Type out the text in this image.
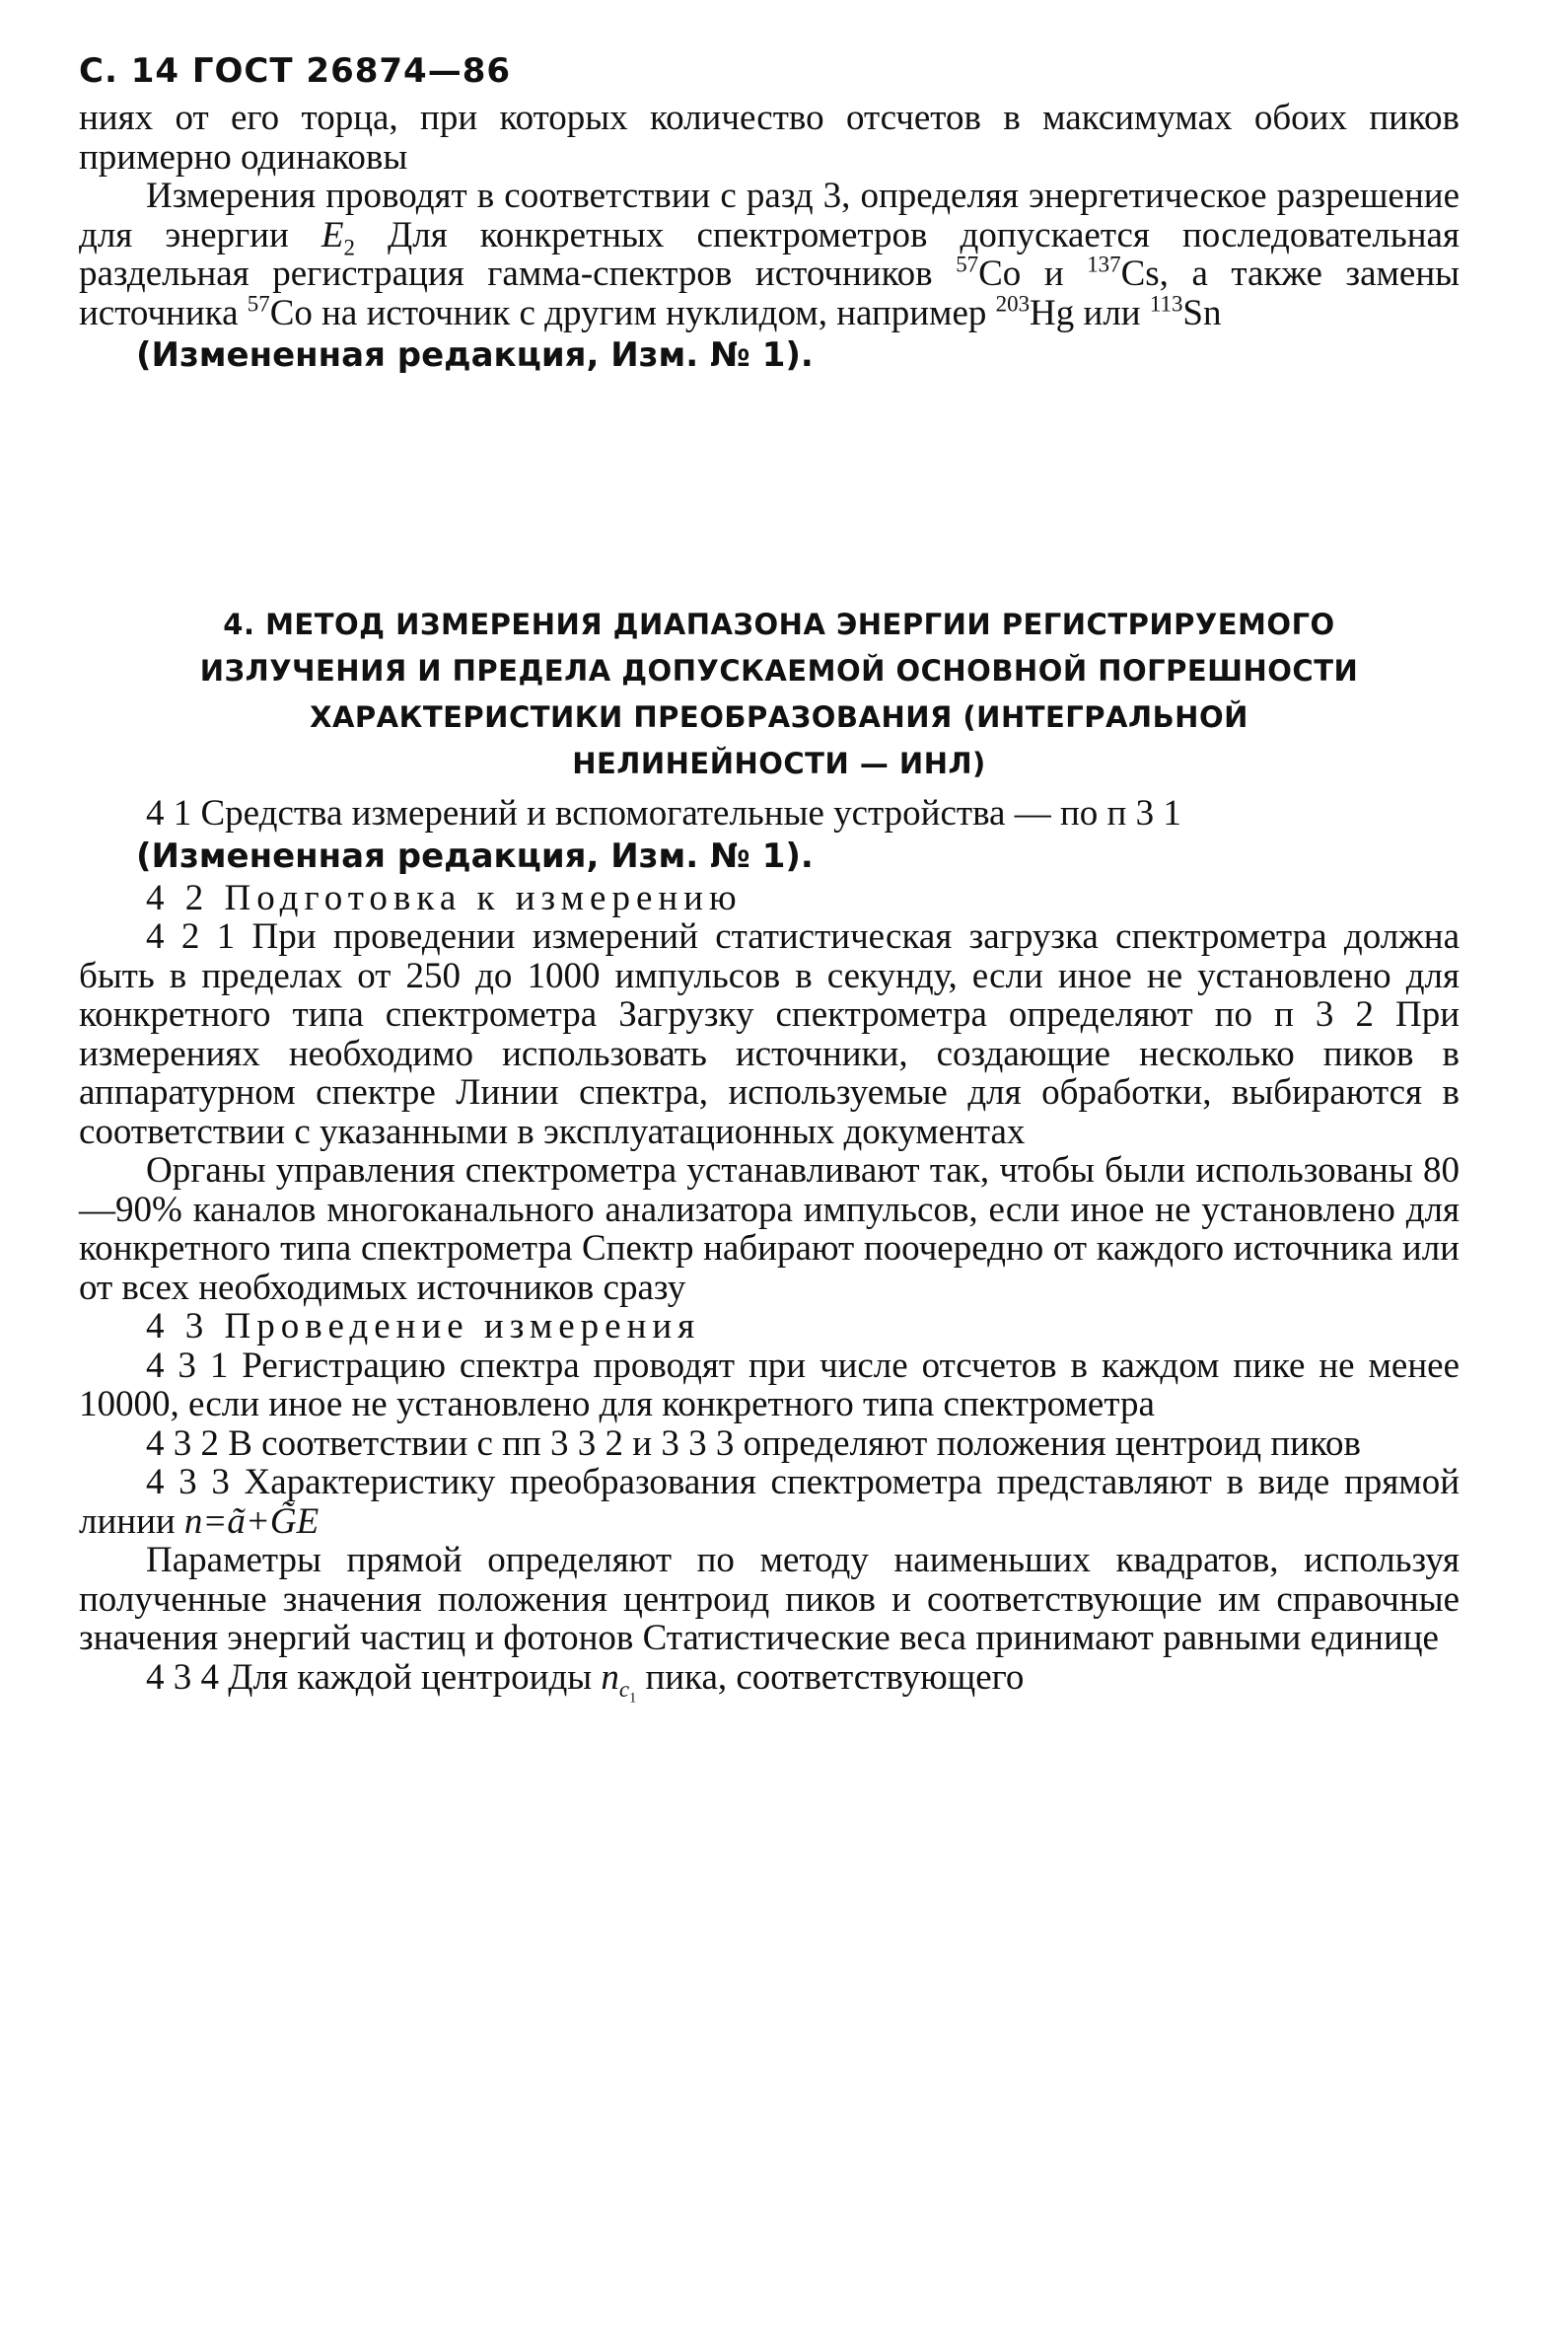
С. 14 ГОСТ 26874—86

ниях от его торца, при которых количество отсчетов в максимумах обоих пиков примерно одинаковы

Измерения проводят в соответствии с разд 3, определяя энергетическое разрешение для энергии $E_2$ Для конкретных спектрометров допускается последовательная раздельная регистрация гамма-спектров источников $^{57}$Co и $^{137}$Cs, а также замены источника $^{57}$Co на источник с другим нуклидом, например $^{203}$Hg или $^{113}$Sn

(Измененная редакция, Изм. № 1).

4. МЕТОД ИЗМЕРЕНИЯ ДИАПАЗОНА ЭНЕРГИИ РЕГИСТРИРУЕМОГО
ИЗЛУЧЕНИЯ И ПРЕДЕЛА ДОПУСКАЕМОЙ ОСНОВНОЙ ПОГРЕШНОСТИ
ХАРАКТЕРИСТИКИ ПРЕОБРАЗОВАНИЯ (ИНТЕГРАЛЬНОЙ
НЕЛИНЕЙНОСТИ — ИНЛ)

4 1 Средства измерений и вспомогательные устройства — по п 3 1

(Измененная редакция, Изм. № 1).

4 2 Подготовка к измерению

4 2 1 При проведении измерений статистическая загрузка спектрометра должна быть в пределах от 250 до 1000 импульсов в секунду, если иное не установлено для конкретного типа спектрометра Загрузку спектрометра определяют по п 3 2 При измерениях необходимо использовать источники, создающие несколько пиков в аппаратурном спектре Линии спектра, используемые для обработки, выбираются в соответствии с указанными в эксплуатационных документах

Органы управления спектрометра устанавливают так, чтобы были использованы 80—90% каналов многоканального анализатора импульсов, если иное не установлено для конкретного типа спектрометра Спектр набирают поочередно от каждого источника или от всех необходимых источников сразу

4 3 Проведение измерения

4 3 1 Регистрацию спектра проводят при числе отсчетов в каждом пике не менее 10000, если иное не установлено для конкретного типа спектрометра

4 3 2 В соответствии с пп 3 3 2 и 3 3 3 определяют положения центроид пиков

4 3 3 Характеристику преобразования спектрометра представляют в виде прямой линии n=ã+G̃E

Параметры прямой определяют по методу наименьших квадратов, используя полученные значения положения центроид пиков и соответствующие им справочные значения энергий частиц и фотонов Статистические веса принимают равными единице

4 3 4 Для каждой центроиды $n_{c_1}$ пика, соответствующего
